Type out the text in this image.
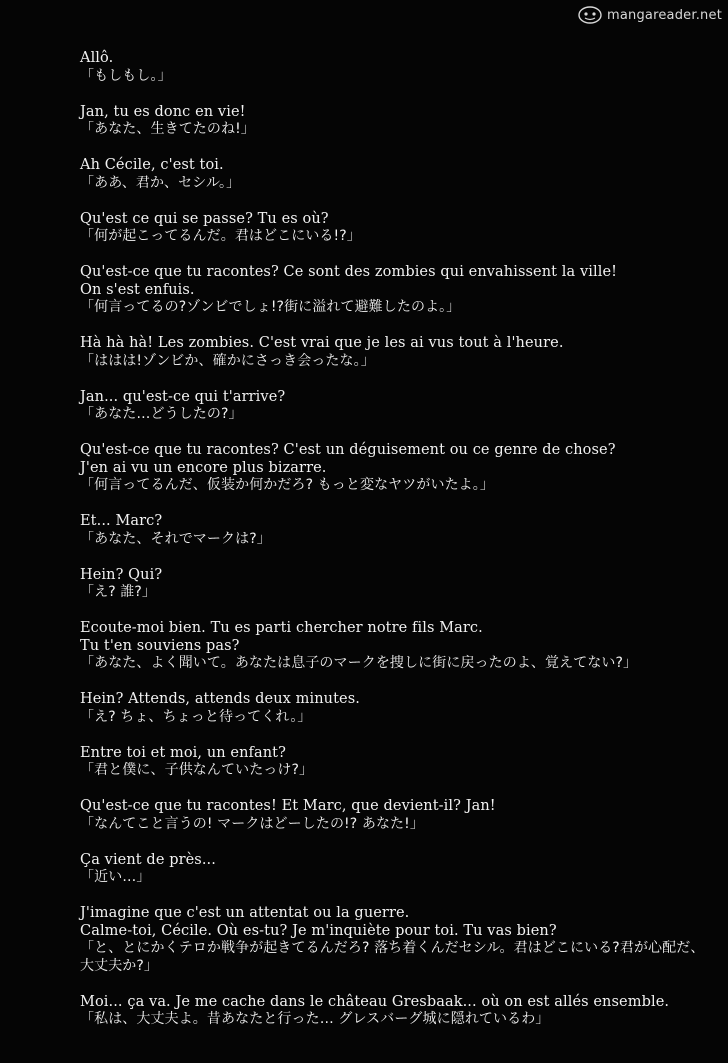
mangareader.net
Allô.
「もしもし。」
Jan, tu es donc en vie!
「あなた、生きてたのね!」
Ah Cécile, c'est toi.
「ああ、君か、セシル。」
Qu'est ce qui se passe? Tu es où?
「何が起こってるんだ。君はどこにいる!?」
Qu'est-ce que tu racontes? Ce sont des zombies qui envahissent la ville!
On s'est enfuis.
「何言ってるの?ゾンビでしょ!?街に溢れて避難したのよ。」
Hà hà hà! Les zombies. C'est vrai que je les ai vus tout à l'heure.
「ははは!ゾンビか、確かにさっき会ったな。」
Jan... qu'est-ce qui t'arrive?
「あなた…どうしたの?」
Qu'est-ce que tu racontes? C'est un déguisement ou ce genre de chose?
J'en ai vu un encore plus bizarre.
「何言ってるんだ、仮装か何かだろ? もっと変なヤツがいたよ。」
Et... Marc?
「あなた、それでマークは?」
Hein? Qui?
「え? 誰?」
Ecoute-moi bien. Tu es parti chercher notre fils Marc.
Tu t'en souviens pas?
「あなた、よく聞いて。あなたは息子のマークを捜しに街に戻ったのよ、覚えてない?」
Hein? Attends, attends deux minutes.
「え? ちょ、ちょっと待ってくれ。」
Entre toi et moi, un enfant?
「君と僕に、子供なんていたっけ?」
Qu'est-ce que tu racontes! Et Marc, que devient-il? Jan!
「なんてこと言うの! マークはどーしたの!? あなた!」
Ça vient de près...
「近い…」
J'imagine que c'est un attentat ou la guerre.
Calme-toi, Cécile. Où es-tu? Je m'inquiète pour toi. Tu vas bien?
「と、とにかくテロか戦争が起きてるんだろ? 落ち着くんだセシル。君はどこにいる?君が心配だ、
大丈夫か?」
Moi... ça va. Je me cache dans le château Gresbaak... où on est allés ensemble.
「私は、大丈夫よ。昔あなたと行った… グレスバーグ城に隠れているわ」
